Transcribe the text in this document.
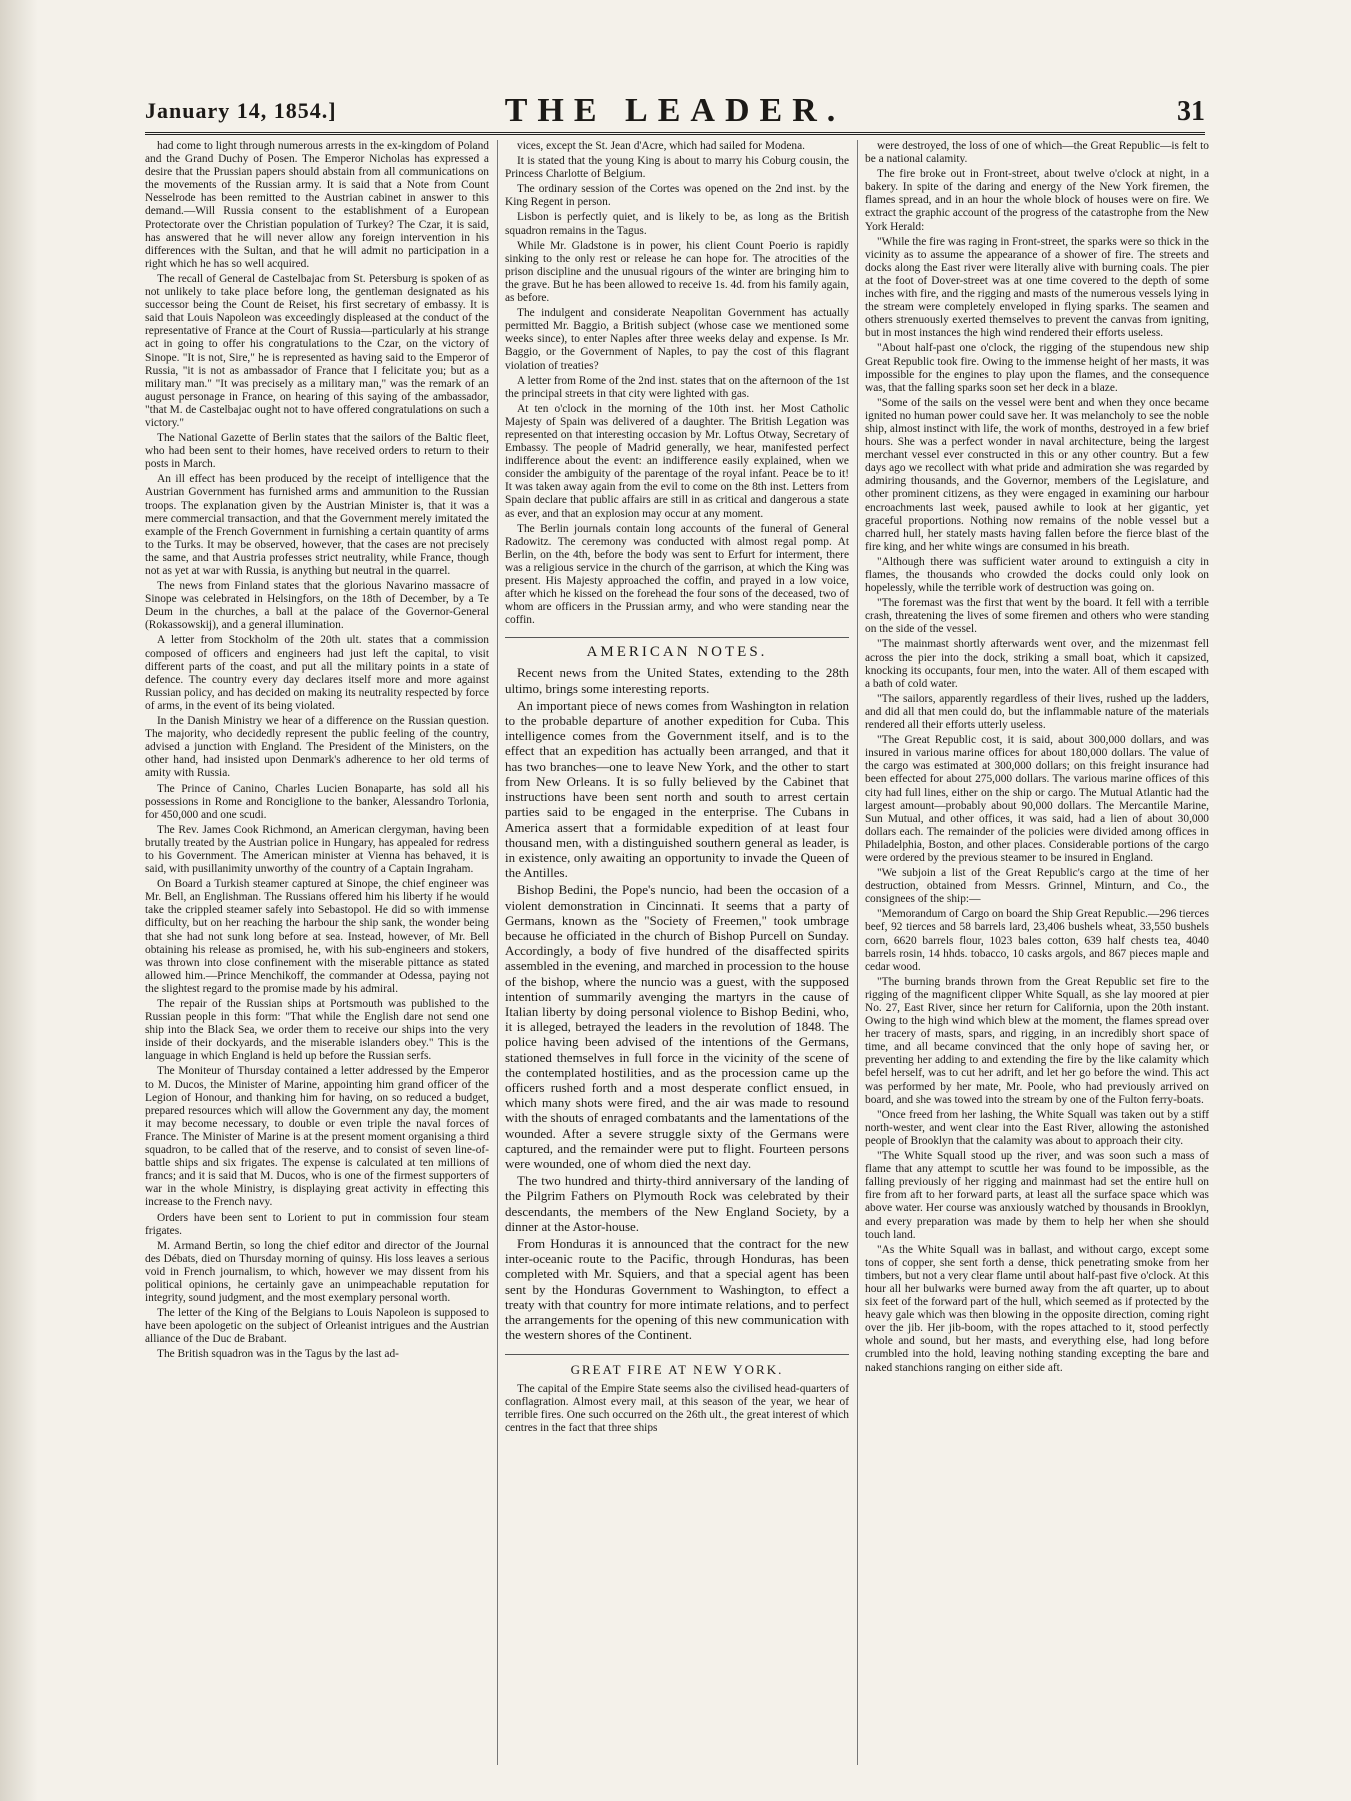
January 14, 1854.]	THE LEADER.	31

had come to light through numerous arrests in the ex-kingdom of Poland and the Grand Duchy of Posen. The Emperor Nicholas has expressed a desire that the Prussian papers should abstain from all communications on the movements of the Russian army. It is said that a Note from Count Nesselrode has been remitted to the Austrian cabinet in answer to this demand.—Will Russia consent to the establishment of a European Protectorate over the Christian population of Turkey? The Czar, it is said, has answered that he will never allow any foreign intervention in his differences with the Sultan, and that he will admit no participation in a right which he has so well acquired.

The recall of General de Castelbajac from St. Petersburg is spoken of as not unlikely to take place before long, the gentleman designated as his successor being the Count de Reiset, his first secretary of embassy. It is said that Louis Napoleon was exceedingly displeased at the conduct of the representative of France at the Court of Russia—particularly at his strange act in going to offer his congratulations to the Czar, on the victory of Sinope. "It is not, Sire," he is represented as having said to the Emperor of Russia, "it is not as ambassador of France that I felicitate you; but as a military man." "It was precisely as a military man," was the remark of an august personage in France, on hearing of this saying of the ambassador, "that M. de Castelbajac ought not to have offered congratulations on such a victory."

The National Gazette of Berlin states that the sailors of the Baltic fleet, who had been sent to their homes, have received orders to return to their posts in March.

An ill effect has been produced by the receipt of intelligence that the Austrian Government has furnished arms and ammunition to the Russian troops. The explanation given by the Austrian Minister is, that it was a mere commercial transaction, and that the Government merely imitated the example of the French Government in furnishing a certain quantity of arms to the Turks. It may be observed, however, that the cases are not precisely the same, and that Austria professes strict neutrality, while France, though not as yet at war with Russia, is anything but neutral in the quarrel.

The news from Finland states that the glorious Navarino massacre of Sinope was celebrated in Helsingfors, on the 18th of December, by a Te Deum in the churches, a ball at the palace of the Governor-General (Rokassowskij), and a general illumination.

A letter from Stockholm of the 20th ult. states that a commission composed of officers and engineers had just left the capital, to visit different parts of the coast, and put all the military points in a state of defence. The country every day declares itself more and more against Russian policy, and has decided on making its neutrality respected by force of arms, in the event of its being violated.

In the Danish Ministry we hear of a difference on the Russian question. The majority, who decidedly represent the public feeling of the country, advised a junction with England. The President of the Ministers, on the other hand, had insisted upon Denmark's adherence to her old terms of amity with Russia.

The Prince of Canino, Charles Lucien Bonaparte, has sold all his possessions in Rome and Ronciglione to the banker, Alessandro Torlonia, for 450,000 and one scudi.

The Rev. James Cook Richmond, an American clergyman, having been brutally treated by the Austrian police in Hungary, has appealed for redress to his Government. The American minister at Vienna has behaved, it is said, with pusillanimity unworthy of the country of a Captain Ingraham.

On Board a Turkish steamer captured at Sinope, the chief engineer was Mr. Bell, an Englishman. The Russians offered him his liberty if he would take the crippled steamer safely into Sebastopol. He did so with immense difficulty, but on her reaching the harbour the ship sank, the wonder being that she had not sunk long before at sea. Instead, however, of Mr. Bell obtaining his release as promised, he, with his sub-engineers and stokers, was thrown into close confinement with the miserable pittance as stated allowed him.—Prince Menchikoff, the commander at Odessa, paying not the slightest regard to the promise made by his admiral.

The repair of the Russian ships at Portsmouth was published to the Russian people in this form: "That while the English dare not send one ship into the Black Sea, we order them to receive our ships into the very inside of their dockyards, and the miserable islanders obey." This is the language in which England is held up before the Russian serfs.

The Moniteur of Thursday contained a letter addressed by the Emperor to M. Ducos, the Minister of Marine, appointing him grand officer of the Legion of Honour, and thanking him for having, on so reduced a budget, prepared resources which will allow the Government any day, the moment it may become necessary, to double or even triple the naval forces of France. The Minister of Marine is at the present moment organising a third squadron, to be called that of the reserve, and to consist of seven line-of-battle ships and six frigates. The expense is calculated at ten millions of francs; and it is said that M. Ducos, who is one of the firmest supporters of war in the whole Ministry, is displaying great activity in effecting this increase to the French navy.

Orders have been sent to Lorient to put in commission four steam frigates.

M. Armand Bertin, so long the chief editor and director of the Journal des Débats, died on Thursday morning of quinsy. His loss leaves a serious void in French journalism, to which, however we may dissent from his political opinions, he certainly gave an unimpeachable reputation for integrity, sound judgment, and the most exemplary personal worth.

The letter of the King of the Belgians to Louis Napoleon is supposed to have been apologetic on the subject of Orleanist intrigues and the Austrian alliance of the Duc de Brabant.

The British squadron was in the Tagus by the last ad-

vices, except the St. Jean d'Acre, which had sailed for Modena.

It is stated that the young King is about to marry his Coburg cousin, the Princess Charlotte of Belgium.

The ordinary session of the Cortes was opened on the 2nd inst. by the King Regent in person.

Lisbon is perfectly quiet, and is likely to be, as long as the British squadron remains in the Tagus.

While Mr. Gladstone is in power, his client Count Poerio is rapidly sinking to the only rest or release he can hope for. The atrocities of the prison discipline and the unusual rigours of the winter are bringing him to the grave. But he has been allowed to receive 1s. 4d. from his family again, as before.

The indulgent and considerate Neapolitan Government has actually permitted Mr. Baggio, a British subject (whose case we mentioned some weeks since), to enter Naples after three weeks delay and expense. Is Mr. Baggio, or the Government of Naples, to pay the cost of this flagrant violation of treaties?

A letter from Rome of the 2nd inst. states that on the afternoon of the 1st the principal streets in that city were lighted with gas.

At ten o'clock in the morning of the 10th inst. her Most Catholic Majesty of Spain was delivered of a daughter. The British Legation was represented on that interesting occasion by Mr. Loftus Otway, Secretary of Embassy. The people of Madrid generally, we hear, manifested perfect indifference about the event: an indifference easily explained, when we consider the ambiguity of the parentage of the royal infant. Peace be to it! It was taken away again from the evil to come on the 8th inst. Letters from Spain declare that public affairs are still in as critical and dangerous a state as ever, and that an explosion may occur at any moment.

The Berlin journals contain long accounts of the funeral of General Radowitz. The ceremony was conducted with almost regal pomp. At Berlin, on the 4th, before the body was sent to Erfurt for interment, there was a religious service in the church of the garrison, at which the King was present. His Majesty approached the coffin, and prayed in a low voice, after which he kissed on the forehead the four sons of the deceased, two of whom are officers in the Prussian army, and who were standing near the coffin.

AMERICAN NOTES.

Recent news from the United States, extending to the 28th ultimo, brings some interesting reports.

An important piece of news comes from Washington in relation to the probable departure of another expedition for Cuba. This intelligence comes from the Government itself, and is to the effect that an expedition has actually been arranged, and that it has two branches—one to leave New York, and the other to start from New Orleans. It is so fully believed by the Cabinet that instructions have been sent north and south to arrest certain parties said to be engaged in the enterprise. The Cubans in America assert that a formidable expedition of at least four thousand men, with a distinguished southern general as leader, is in existence, only awaiting an opportunity to invade the Queen of the Antilles.

Bishop Bedini, the Pope's nuncio, had been the occasion of a violent demonstration in Cincinnati. It seems that a party of Germans, known as the "Society of Freemen," took umbrage because he officiated in the church of Bishop Purcell on Sunday. Accordingly, a body of five hundred of the disaffected spirits assembled in the evening, and marched in procession to the house of the bishop, where the nuncio was a guest, with the supposed intention of summarily avenging the martyrs in the cause of Italian liberty by doing personal violence to Bishop Bedini, who, it is alleged, betrayed the leaders in the revolution of 1848. The police having been advised of the intentions of the Germans, stationed themselves in full force in the vicinity of the scene of the contemplated hostilities, and as the procession came up the officers rushed forth and a most desperate conflict ensued, in which many shots were fired, and the air was made to resound with the shouts of enraged combatants and the lamentations of the wounded. After a severe struggle sixty of the Germans were captured, and the remainder were put to flight. Fourteen persons were wounded, one of whom died the next day.

The two hundred and thirty-third anniversary of the landing of the Pilgrim Fathers on Plymouth Rock was celebrated by their descendants, the members of the New England Society, by a dinner at the Astor-house.

From Honduras it is announced that the contract for the new inter-oceanic route to the Pacific, through Honduras, has been completed with Mr. Squiers, and that a special agent has been sent by the Honduras Government to Washington, to effect a treaty with that country for more intimate relations, and to perfect the arrangements for the opening of this new communication with the western shores of the Continent.

GREAT FIRE AT NEW YORK.

The capital of the Empire State seems also the civilised head-quarters of conflagration. Almost every mail, at this season of the year, we hear of terrible fires. One such occurred on the 26th ult., the great interest of which centres in the fact that three ships

were destroyed, the loss of one of which—the Great Republic—is felt to be a national calamity.

The fire broke out in Front-street, about twelve o'clock at night, in a bakery. In spite of the daring and energy of the New York firemen, the flames spread, and in an hour the whole block of houses were on fire. We extract the graphic account of the progress of the catastrophe from the New York Herald:

"While the fire was raging in Front-street, the sparks were so thick in the vicinity as to assume the appearance of a shower of fire. The streets and docks along the East river were literally alive with burning coals. The pier at the foot of Dover-street was at one time covered to the depth of some inches with fire, and the rigging and masts of the numerous vessels lying in the stream were completely enveloped in flying sparks. The seamen and others strenuously exerted themselves to prevent the canvas from igniting, but in most instances the high wind rendered their efforts useless.

"About half-past one o'clock, the rigging of the stupendous new ship Great Republic took fire. Owing to the immense height of her masts, it was impossible for the engines to play upon the flames, and the consequence was, that the falling sparks soon set her deck in a blaze.

"Some of the sails on the vessel were bent and when they once became ignited no human power could save her. It was melancholy to see the noble ship, almost instinct with life, the work of months, destroyed in a few brief hours. She was a perfect wonder in naval architecture, being the largest merchant vessel ever constructed in this or any other country. But a few days ago we recollect with what pride and admiration she was regarded by admiring thousands, and the Governor, members of the Legislature, and other prominent citizens, as they were engaged in examining our harbour encroachments last week, paused awhile to look at her gigantic, yet graceful proportions. Nothing now remains of the noble vessel but a charred hull, her stately masts having fallen before the fierce blast of the fire king, and her white wings are consumed in his breath.

"Although there was sufficient water around to extinguish a city in flames, the thousands who crowded the docks could only look on hopelessly, while the terrible work of destruction was going on.

"The foremast was the first that went by the board. It fell with a terrible crash, threatening the lives of some firemen and others who were standing on the side of the vessel.

"The mainmast shortly afterwards went over, and the mizenmast fell across the pier into the dock, striking a small boat, which it capsized, knocking its occupants, four men, into the water. All of them escaped with a bath of cold water.

"The sailors, apparently regardless of their lives, rushed up the ladders, and did all that men could do, but the inflammable nature of the materials rendered all their efforts utterly useless.

"The Great Republic cost, it is said, about 300,000 dollars, and was insured in various marine offices for about 180,000 dollars. The value of the cargo was estimated at 300,000 dollars; on this freight insurance had been effected for about 275,000 dollars. The various marine offices of this city had full lines, either on the ship or cargo. The Mutual Atlantic had the largest amount—probably about 90,000 dollars. The Mercantile Marine, Sun Mutual, and other offices, it was said, had a lien of about 30,000 dollars each. The remainder of the policies were divided among offices in Philadelphia, Boston, and other places. Considerable portions of the cargo were ordered by the previous steamer to be insured in England.

"We subjoin a list of the Great Republic's cargo at the time of her destruction, obtained from Messrs. Grinnel, Minturn, and Co., the consignees of the ship:—

"Memorandum of Cargo on board the Ship Great Republic.—296 tierces beef, 92 tierces and 58 barrels lard, 23,406 bushels wheat, 33,550 bushels corn, 6620 barrels flour, 1023 bales cotton, 639 half chests tea, 4040 barrels rosin, 14 hhds. tobacco, 10 casks argols, and 867 pieces maple and cedar wood.

"The burning brands thrown from the Great Republic set fire to the rigging of the magnificent clipper White Squall, as she lay moored at pier No. 27, East River, since her return for California, upon the 20th instant. Owing to the high wind which blew at the moment, the flames spread over her tracery of masts, spars, and rigging, in an incredibly short space of time, and all became convinced that the only hope of saving her, or preventing her adding to and extending the fire by the like calamity which befel herself, was to cut her adrift, and let her go before the wind. This act was performed by her mate, Mr. Poole, who had previously arrived on board, and she was towed into the stream by one of the Fulton ferry-boats.

"Once freed from her lashing, the White Squall was taken out by a stiff north-wester, and went clear into the East River, allowing the astonished people of Brooklyn that the calamity was about to approach their city.

"The White Squall stood up the river, and was soon such a mass of flame that any attempt to scuttle her was found to be impossible, as the falling previously of her rigging and mainmast had set the entire hull on fire from aft to her forward parts, at least all the surface space which was above water. Her course was anxiously watched by thousands in Brooklyn, and every preparation was made by them to help her when she should touch land.

"As the White Squall was in ballast, and without cargo, except some tons of copper, she sent forth a dense, thick penetrating smoke from her timbers, but not a very clear flame until about half-past five o'clock. At this hour all her bulwarks were burned away from the aft quarter, up to about six feet of the forward part of the hull, which seemed as if protected by the heavy gale which was then blowing in the opposite direction, coming right over the jib. Her jib-boom, with the ropes attached to it, stood perfectly whole and sound, but her masts, and everything else, had long before crumbled into the hold, leaving nothing standing excepting the bare and naked stanchions ranging on either side aft.
